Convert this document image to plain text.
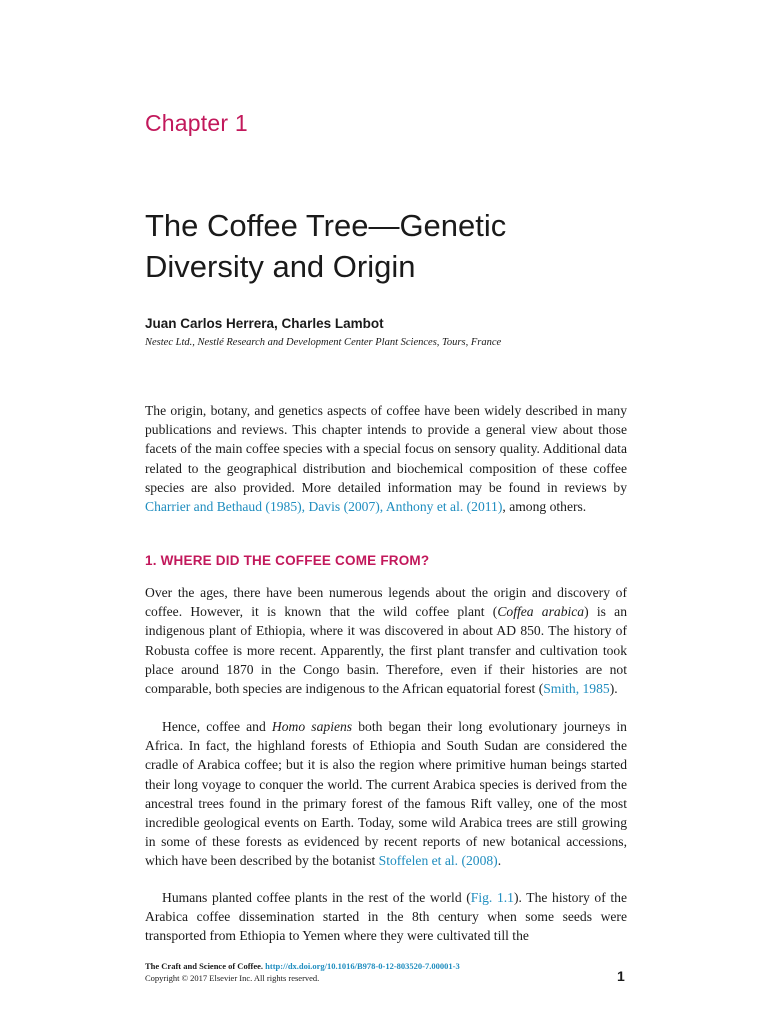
Chapter 1
The Coffee Tree—Genetic
Diversity and Origin
Juan Carlos Herrera, Charles Lambot
Nestec Ltd., Nestlé Research and Development Center Plant Sciences, Tours, France

The origin, botany, and genetics aspects of coffee have been widely described in many publications and reviews. This chapter intends to provide a general view about those facets of the main coffee species with a special focus on sensory quality. Additional data related to the geographical distribution and biochemical composition of these coffee species are also provided. More detailed information may be found in reviews by Charrier and Bethaud (1985), Davis (2007), Anthony et al. (2011), among others.

1. WHERE DID THE COFFEE COME FROM?

Over the ages, there have been numerous legends about the origin and discovery of coffee. However, it is known that the wild coffee plant (Coffea arabica) is an indigenous plant of Ethiopia, where it was discovered in about AD 850. The history of Robusta coffee is more recent. Apparently, the first plant transfer and cultivation took place around 1870 in the Congo basin. Therefore, even if their histories are not comparable, both species are indigenous to the African equatorial forest (Smith, 1985).

Hence, coffee and Homo sapiens both began their long evolutionary journeys in Africa. In fact, the highland forests of Ethiopia and South Sudan are considered the cradle of Arabica coffee; but it is also the region where primitive human beings started their long voyage to conquer the world. The current Arabica species is derived from the ancestral trees found in the primary forest of the famous Rift valley, one of the most incredible geological events on Earth. Today, some wild Arabica trees are still growing in some of these forests as evidenced by recent reports of new botanical accessions, which have been described by the botanist Stoffelen et al. (2008).

Humans planted coffee plants in the rest of the world (Fig. 1.1). The history of the Arabica coffee dissemination started in the 8th century when some seeds were transported from Ethiopia to Yemen where they were cultivated till the

The Craft and Science of Coffee. http://dx.doi.org/10.1016/B978-0-12-803520-7.00001-3
Copyright © 2017 Elsevier Inc. All rights reserved.	1
